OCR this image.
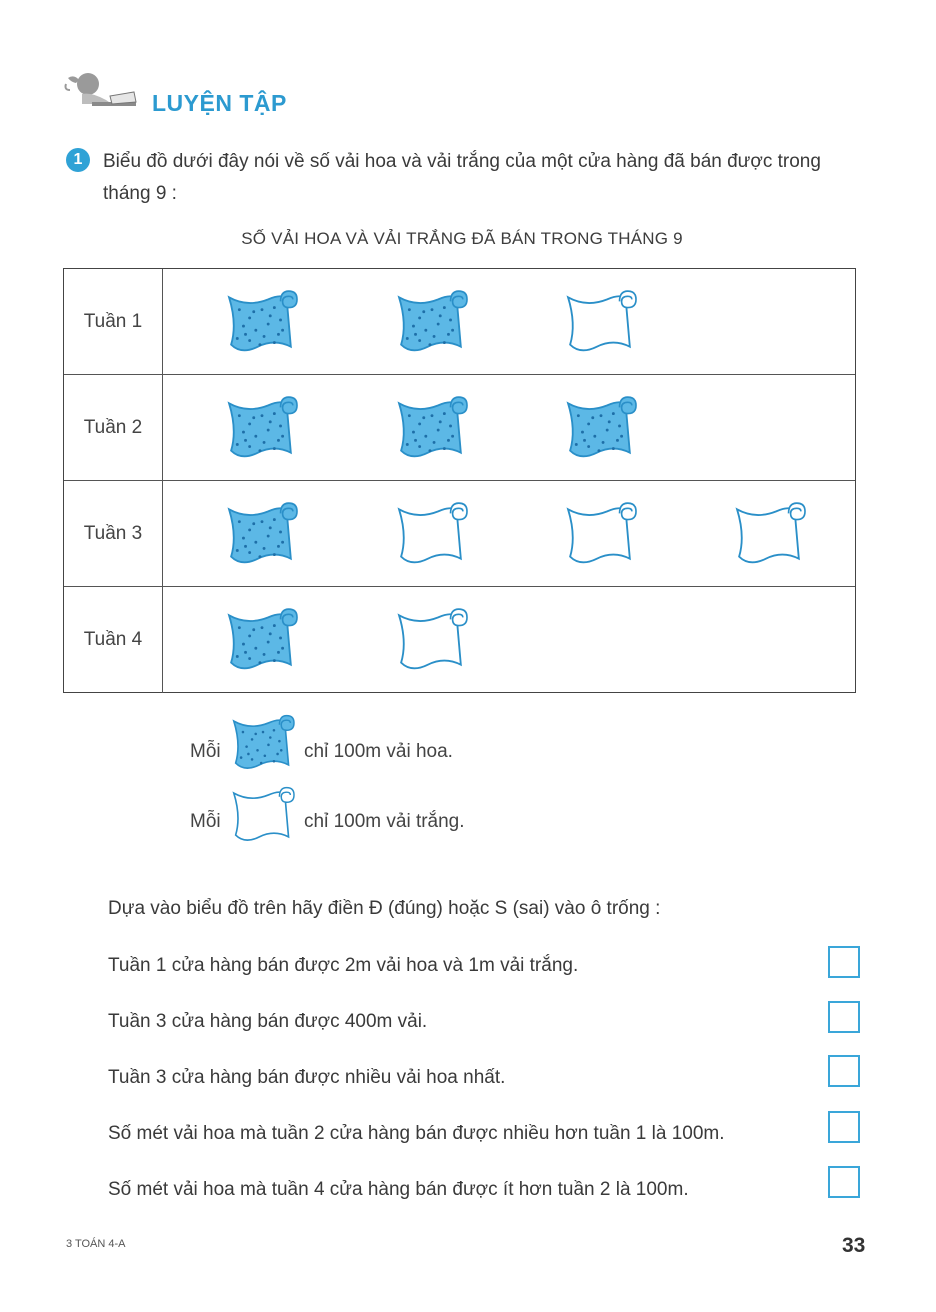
LUYỆN TẬP
1	Biểu đồ dưới đây nói về số vải hoa và vải trắng của một cửa hàng đã bán được trong tháng 9 :
SỐ VẢI HOA VÀ VẢI TRẮNG ĐÃ BÁN TRONG THÁNG 9
Tuần 1
Tuần 2
Tuần 3
Tuần 4
Mỗi	chỉ 100m vải hoa.
Mỗi	chỉ 100m vải trắng.
Dựa vào biểu đồ trên hãy điền Đ (đúng) hoặc S (sai) vào ô trống :
Tuần 1 cửa hàng bán được 2m vải hoa và 1m vải trắng.
Tuần 3 cửa hàng bán được 400m vải.
Tuần 3 cửa hàng bán được nhiều vải hoa nhất.
Số mét vải hoa mà tuần 2 cửa hàng bán được nhiều hơn tuần 1 là 100m.
Số mét vải hoa mà tuần 4 cửa hàng bán được ít hơn tuần 2 là 100m.
3 TOÁN 4-A	33
